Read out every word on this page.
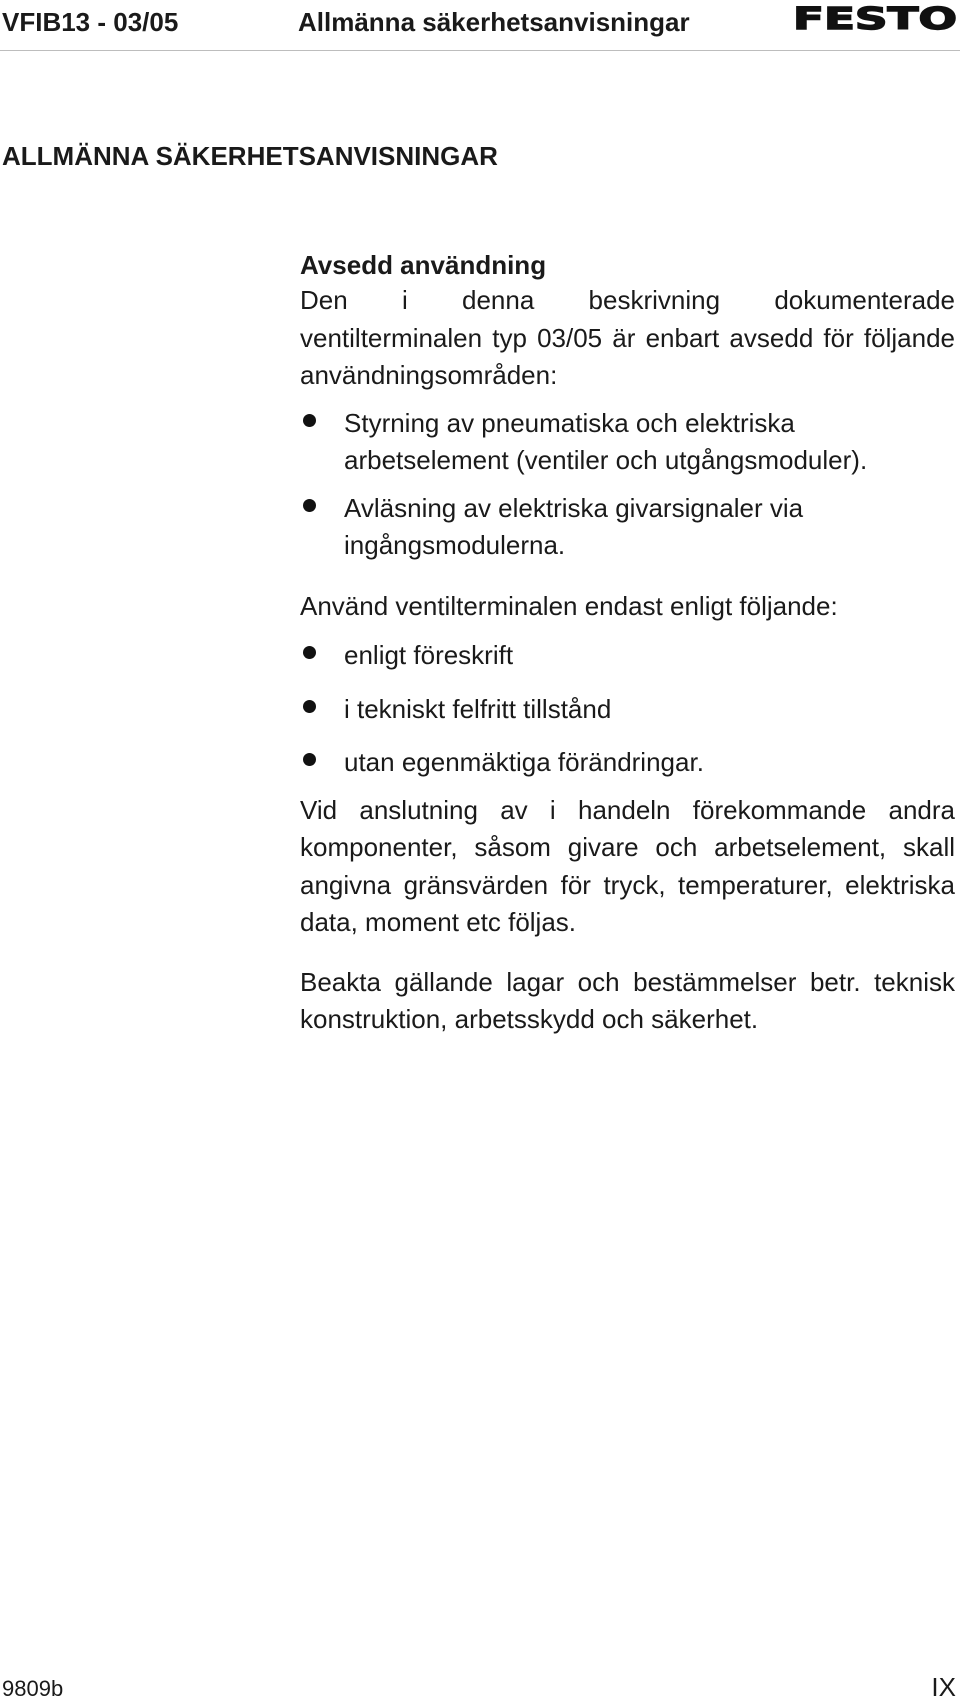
VFIB13 - 03/05	Allmänna säkerhetsanvisningar	FESTO
ALLMÄNNA SÄKERHETSANVISNINGAR
Avsedd användning

Den i denna beskrivning dokumenterade ventilterminalen typ 03/05 är enbart avsedd för följande användningsområden:

Styrning av pneumatiska och elektriska arbetselement (ventiler och utgångsmoduler).
Avläsning av elektriska givarsignaler via ingångsmodulerna.

Använd ventilterminalen endast enligt följande:

enligt föreskrift
i tekniskt felfritt tillstånd
utan egenmäktiga förändringar.

Vid anslutning av i handeln förekommande andra komponenter, såsom givare och arbetselement, skall angivna gränsvärden för tryck, temperaturer, elektriska data, moment etc följas.

Beakta gällande lagar och bestämmelser betr. teknisk konstruktion, arbetsskydd och säkerhet.

9809b	IX
